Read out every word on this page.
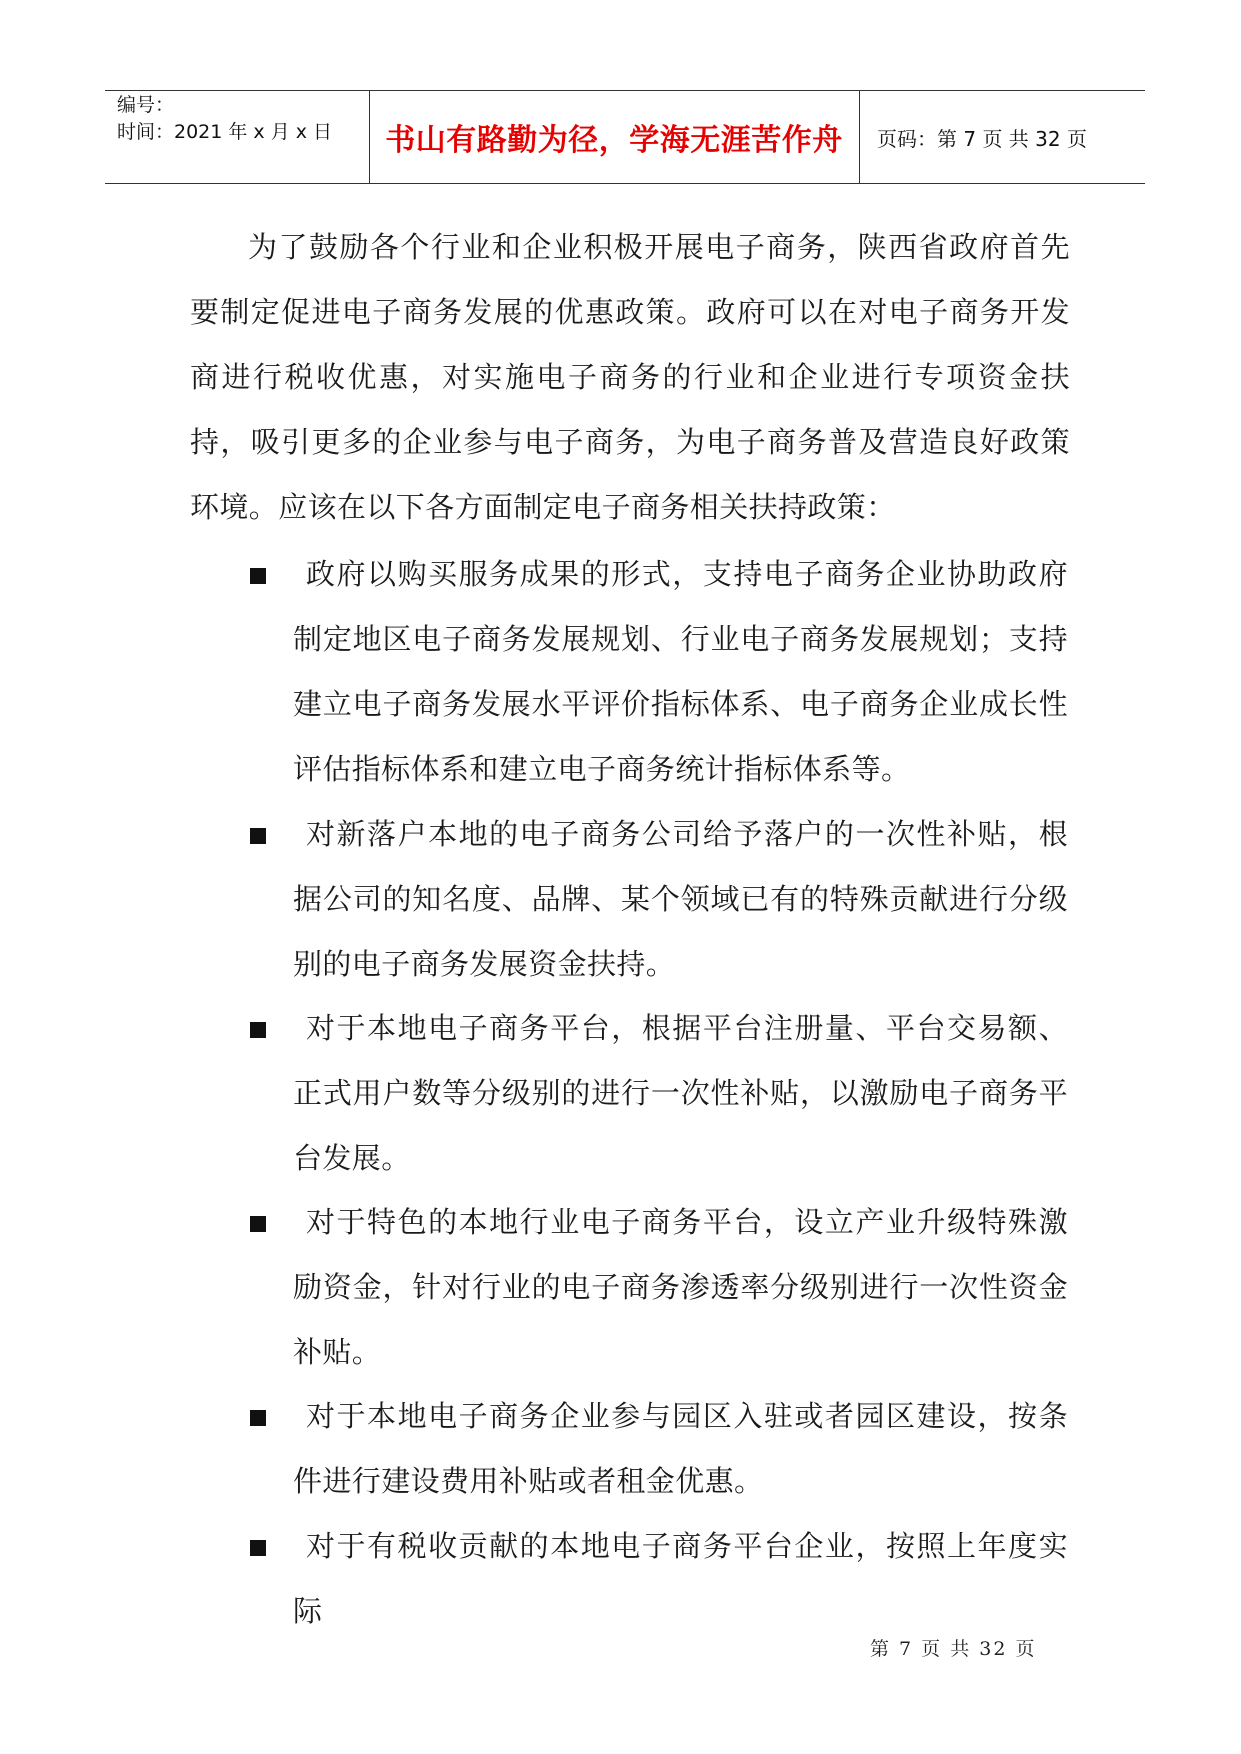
编号：
时间：2021 年 x 月 x 日 书山有路勤为径，学海无涯苦作舟	页码：第 7 页 共 32 页
为了鼓励各个行业和企业积极开展电子商务，陕西省政府首先要制定促进电子商务发展的优惠政策。政府可以在对电子商务开发商进行税收优惠，对实施电子商务的行业和企业进行专项资金扶持，吸引更多的企业参与电子商务，为电子商务普及营造良好政策环境。应该在以下各方面制定电子商务相关扶持政策：
政府以购买服务成果的形式，支持电子商务企业协助政府制定地区电子商务发展规划、行业电子商务发展规划；支持建立电子商务发展水平评价指标体系、电子商务企业成长性评估指标体系和建立电子商务统计指标体系等。
对新落户本地的电子商务公司给予落户的一次性补贴，根据公司的知名度、品牌、某个领域已有的特殊贡献进行分级别的电子商务发展资金扶持。
对于本地电子商务平台，根据平台注册量、平台交易额、正式用户数等分级别的进行一次性补贴，以激励电子商务平台发展。
对于特色的本地行业电子商务平台，设立产业升级特殊激励资金，针对行业的电子商务渗透率分级别进行一次性资金补贴。
对于本地电子商务企业参与园区入驻或者园区建设，按条件进行建设费用补贴或者租金优惠。
对于有税收贡献的本地电子商务平台企业，按照上年度实际
第 7 页 共 32 页
